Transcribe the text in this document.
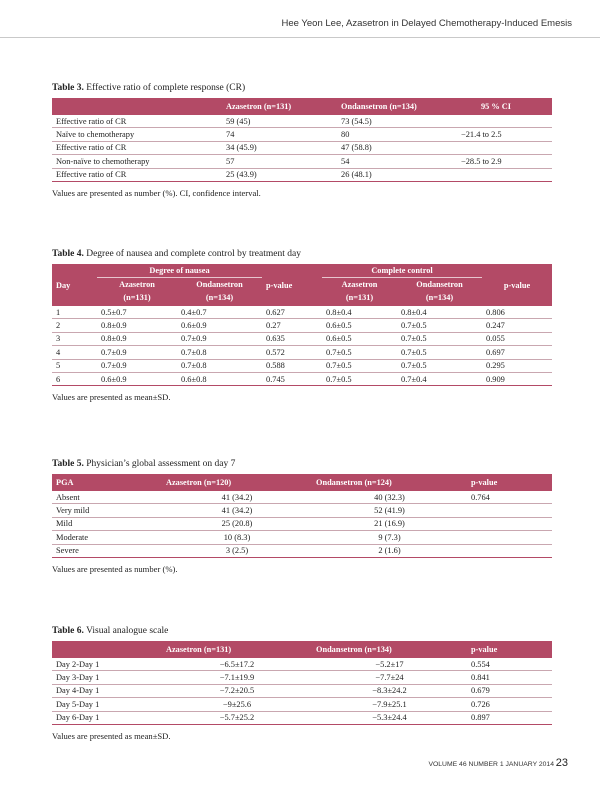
Hee Yeon Lee, Azasetron in Delayed Chemotherapy-Induced Emesis

Table 3. Effective ratio of complete response (CR)

	Azasetron (n=131)	Ondansetron (n=134)	95 % CI
Effective ratio of CR	59 (45)	73 (54.5)	
Naïve to chemotherapy	74	80	−21.4 to 2.5
Effective ratio of CR	34 (45.9)	47 (58.8)	
Non-naïve to chemotherapy	57	54	−28.5 to 2.9
Effective ratio of CR	25 (43.9)	26 (48.1)	
Values are presented as number (%). CI, confidence interval.

Table 4. Degree of nausea and complete control by treatment day

Day	Degree of nausea		p-value	Complete control		p-value
	Azasetron	Ondansetron		Azasetron	Ondansetron	
	(n=131)	(n=134)		(n=131)	(n=134)	
1	0.5±0.7	0.4±0.7	0.627	0.8±0.4	0.8±0.4	0.806
2	0.8±0.9	0.6±0.9	0.27	0.6±0.5	0.7±0.5	0.247
3	0.8±0.9	0.7±0.9	0.635	0.6±0.5	0.7±0.5	0.055
4	0.7±0.9	0.7±0.8	0.572	0.7±0.5	0.7±0.5	0.697
5	0.7±0.9	0.7±0.8	0.588	0.7±0.5	0.7±0.5	0.295
6	0.6±0.9	0.6±0.8	0.745	0.7±0.5	0.7±0.4	0.909
Values are presented as mean±SD.

Table 5. Physician’s global assessment on day 7

PGA	Azasetron (n=120)	Ondansetron (n=124)	p-value
Absent	41 (34.2)	40 (32.3)	0.764
Very mild	41 (34.2)	52 (41.9)	
Mild	25 (20.8)	21 (16.9)	
Moderate	10 (8.3)	9 (7.3)	
Severe	3 (2.5)	2 (1.6)	
Values are presented as number (%).

Table 6. Visual analogue scale

	Azasetron (n=131)	Ondansetron (n=134)	p-value
Day 2-Day 1	−6.5±17.2	−5.2±17	0.554
Day 3-Day 1	−7.1±19.9	−7.7±24	0.841
Day 4-Day 1	−7.2±20.5	−8.3±24.2	0.679
Day 5-Day 1	−9±25.6	−7.9±25.1	0.726
Day 6-Day 1	−5.7±25.2	−5.3±24.4	0.897
Values are presented as mean±SD.
VOLUME 46 NUMBER 1 JANUARY 2014 23
